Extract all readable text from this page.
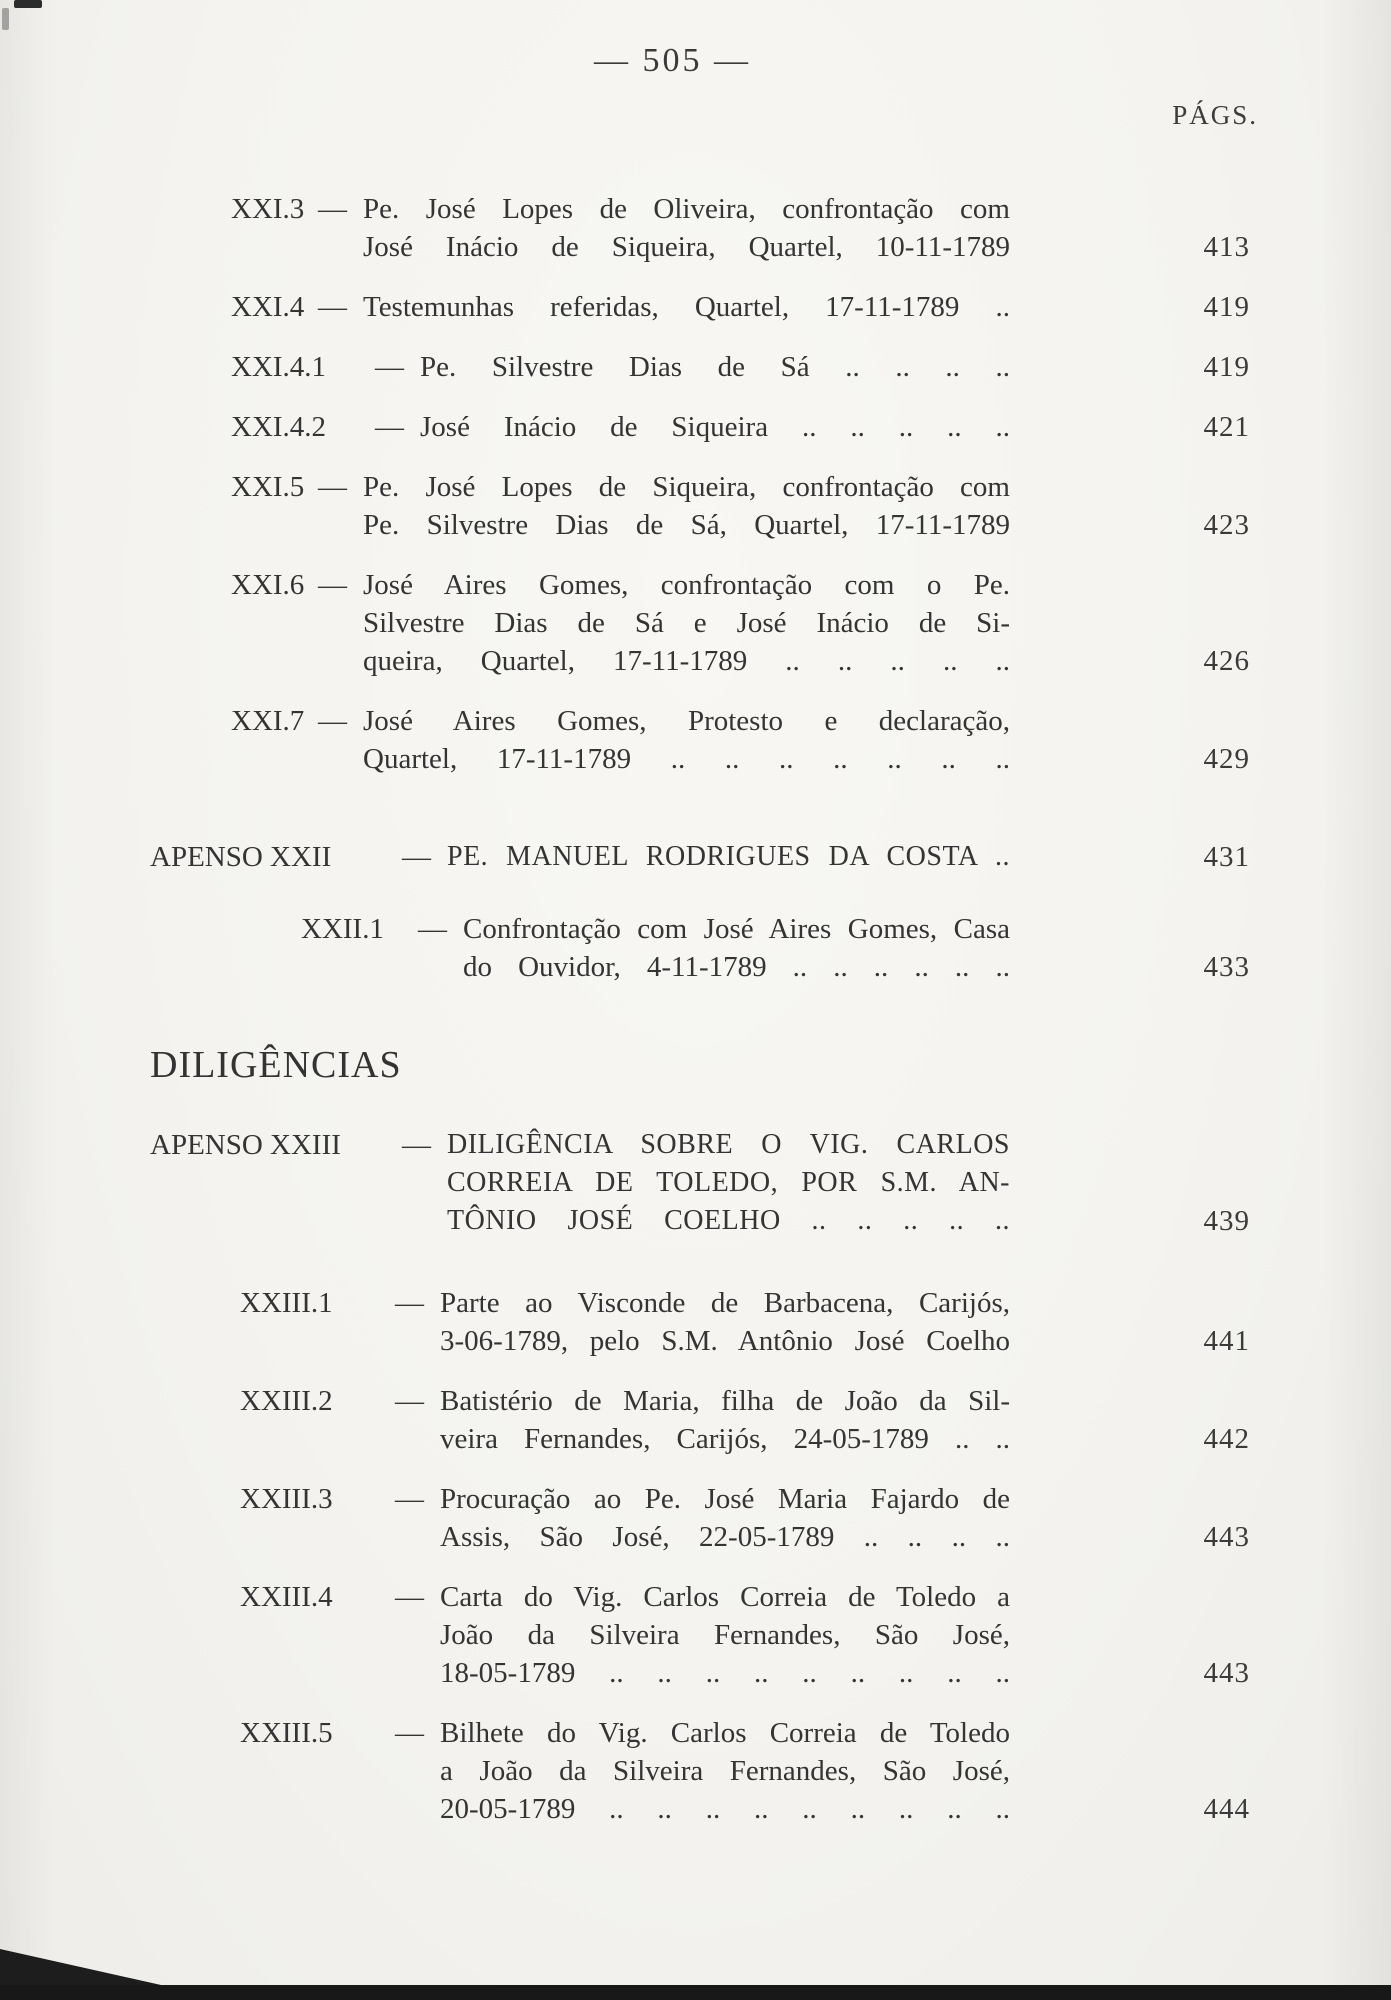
— 505 —
PÁGS.
XXI.3 — Pe. José Lopes de Oliveira, confrontação com
José Inácio de Siqueira, Quartel, 10-11-1789	413
XXI.4 — Testemunhas referidas, Quartel, 17-11-1789 ..	419
XXI.4.1 — Pe. Silvestre Dias de Sá .. .. .. ..	419
XXI.4.2 — José Inácio de Siqueira .. .. .. .. ..	421
XXI.5 — Pe. José Lopes de Siqueira, confrontação com
Pe. Silvestre Dias de Sá, Quartel, 17-11-1789	423
XXI.6 — José Aires Gomes, confrontação com o Pe.
Silvestre Dias de Sá e José Inácio de Si-
queira, Quartel, 17-11-1789 .. .. .. .. ..	426
XXI.7 — José Aires Gomes, Protesto e declaração,
Quartel, 17-11-1789 .. .. .. .. .. .. ..	429
APENSO XXII — PE. MANUEL RODRIGUES DA COSTA ..	431
XXII.1 — Confrontação com José Aires Gomes, Casa
do Ouvidor, 4-11-1789 .. .. .. .. .. ..	433
DILIGÊNCIAS
APENSO XXIII — DILIGÊNCIA SOBRE O VIG. CARLOS
CORREIA DE TOLEDO, POR S.M. AN-
TÔNIO JOSÉ COELHO .. .. .. .. ..	439
XXIII.1 — Parte ao Visconde de Barbacena, Carijós,
3-06-1789, pelo S.M. Antônio José Coelho	441
XXIII.2 — Batistério de Maria, filha de João da Sil-
veira Fernandes, Carijós, 24-05-1789 .. ..	442
XXIII.3 — Procuração ao Pe. José Maria Fajardo de
Assis, São José, 22-05-1789 .. .. .. ..	443
XXIII.4 — Carta do Vig. Carlos Correia de Toledo a
João da Silveira Fernandes, São José,
18-05-1789 .. .. .. .. .. .. .. .. ..	443
XXIII.5 — Bilhete do Vig. Carlos Correia de Toledo
a João da Silveira Fernandes, São José,
20-05-1789 .. .. .. .. .. .. .. .. ..	444
